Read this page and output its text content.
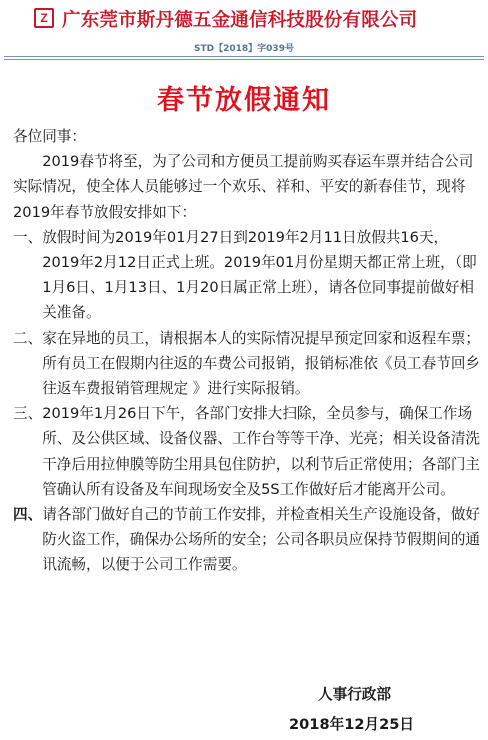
Z 广东莞市斯丹德五金通信科技股份有限公司
STD【2018】字039号
春节放假通知

各位同事：

2019春节将至，为了公司和方便员工提前购买春运车票并结合公司实际情况，使全体人员能够过一个欢乐、祥和、平安的新春佳节，现将2019年春节放假安排如下：

一、放假时间为2019年01月27日到2019年2月11日放假共16天，2019年2月12日正式上班。2019年01月份星期天都正常上班，（即1月6日、1月13日、1月20日属正常上班），请各位同事提前做好相关准备。

二、家在异地的员工，请根据本人的实际情况提早预定回家和返程车票；所有员工在假期内往返的车费公司报销，报销标准依《员工春节回乡往返车费报销管理规定 》进行实际报销。

三、2019年1月26日下午，各部门安排大扫除，全员参与，确保工作场所、及公供区域、设备仪器、工作台等等干净、光亮；相关设备清洗干净后用拉伸膜等防尘用具包住防护，以利节后正常使用；各部门主管确认所有设备及车间现场安全及5S工作做好后才能离开公司。

四、请各部门做好自己的节前工作安排，并检查相关生产设施设备，做好防火盗工作，确保办公场所的安全；公司各职员应保持节假期间的通讯流畅，以便于公司工作需要。

人事行政部
2018年12月25日
